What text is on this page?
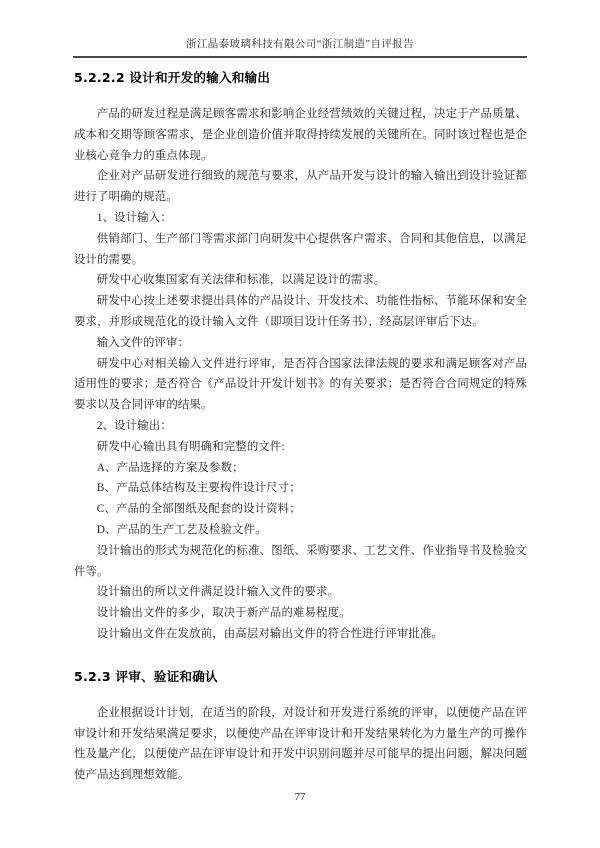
浙江晶泰玻璃科技有限公司“浙江制造”自评报告
5.2.2.2 设计和开发的输入和输出

产品的研发过程是满足顾客需求和影响企业经营绩效的关键过程，决定于产品质量、成本和交期等顾客需求，是企业创造价值并取得持续发展的关键所在。同时该过程也是企业核心竞争力的重点体现。

企业对产品研发进行细致的规范与要求，从产品开发与设计的输入输出到设计验证都进行了明确的规范。

1、设计输入：

供销部门、生产部门等需求部门向研发中心提供客户需求、合同和其他信息，以满足设计的需要。

研发中心收集国家有关法律和标准，以满足设计的需求。

研发中心按上述要求提出具体的产品设计、开发技术、功能性指标、节能环保和安全要求，并形成规范化的设计输入文件（即项目设计任务书），经高层评审后下达。

输入文件的评审：

研发中心对相关输入文件进行评审，是否符合国家法律法规的要求和满足顾客对产品适用性的要求；是否符合《产品设计开发计划书》的有关要求；是否符合合同规定的特殊要求以及合同评审的结果。

2、设计输出：

研发中心输出具有明确和完整的文件:

A、产品选择的方案及参数；

B、产品总体结构及主要构件设计尺寸；

C、产品的全部图纸及配套的设计资料；

D、产品的生产工艺及检验文件。

设计输出的形式为规范化的标准、图纸、采购要求、工艺文件、作业指导书及检验文件等。

设计输出的所以文件满足设计输入文件的要求。

设计输出文件的多少，取决于新产品的难易程度。

设计输出文件在发放前，由高层对输出文件的符合性进行评审批准。

5.2.3 评审、验证和确认

企业根据设计计划，在适当的阶段，对设计和开发进行系统的评审，以便使产品在评审设计和开发结果满足要求，以便使产品在评审设计和开发结果转化为力量生产的可操作性及量产化，以便使产品在评审设计和开发中识别问题并尽可能早的提出问题，解决问题使产品达到理想效能。

77
